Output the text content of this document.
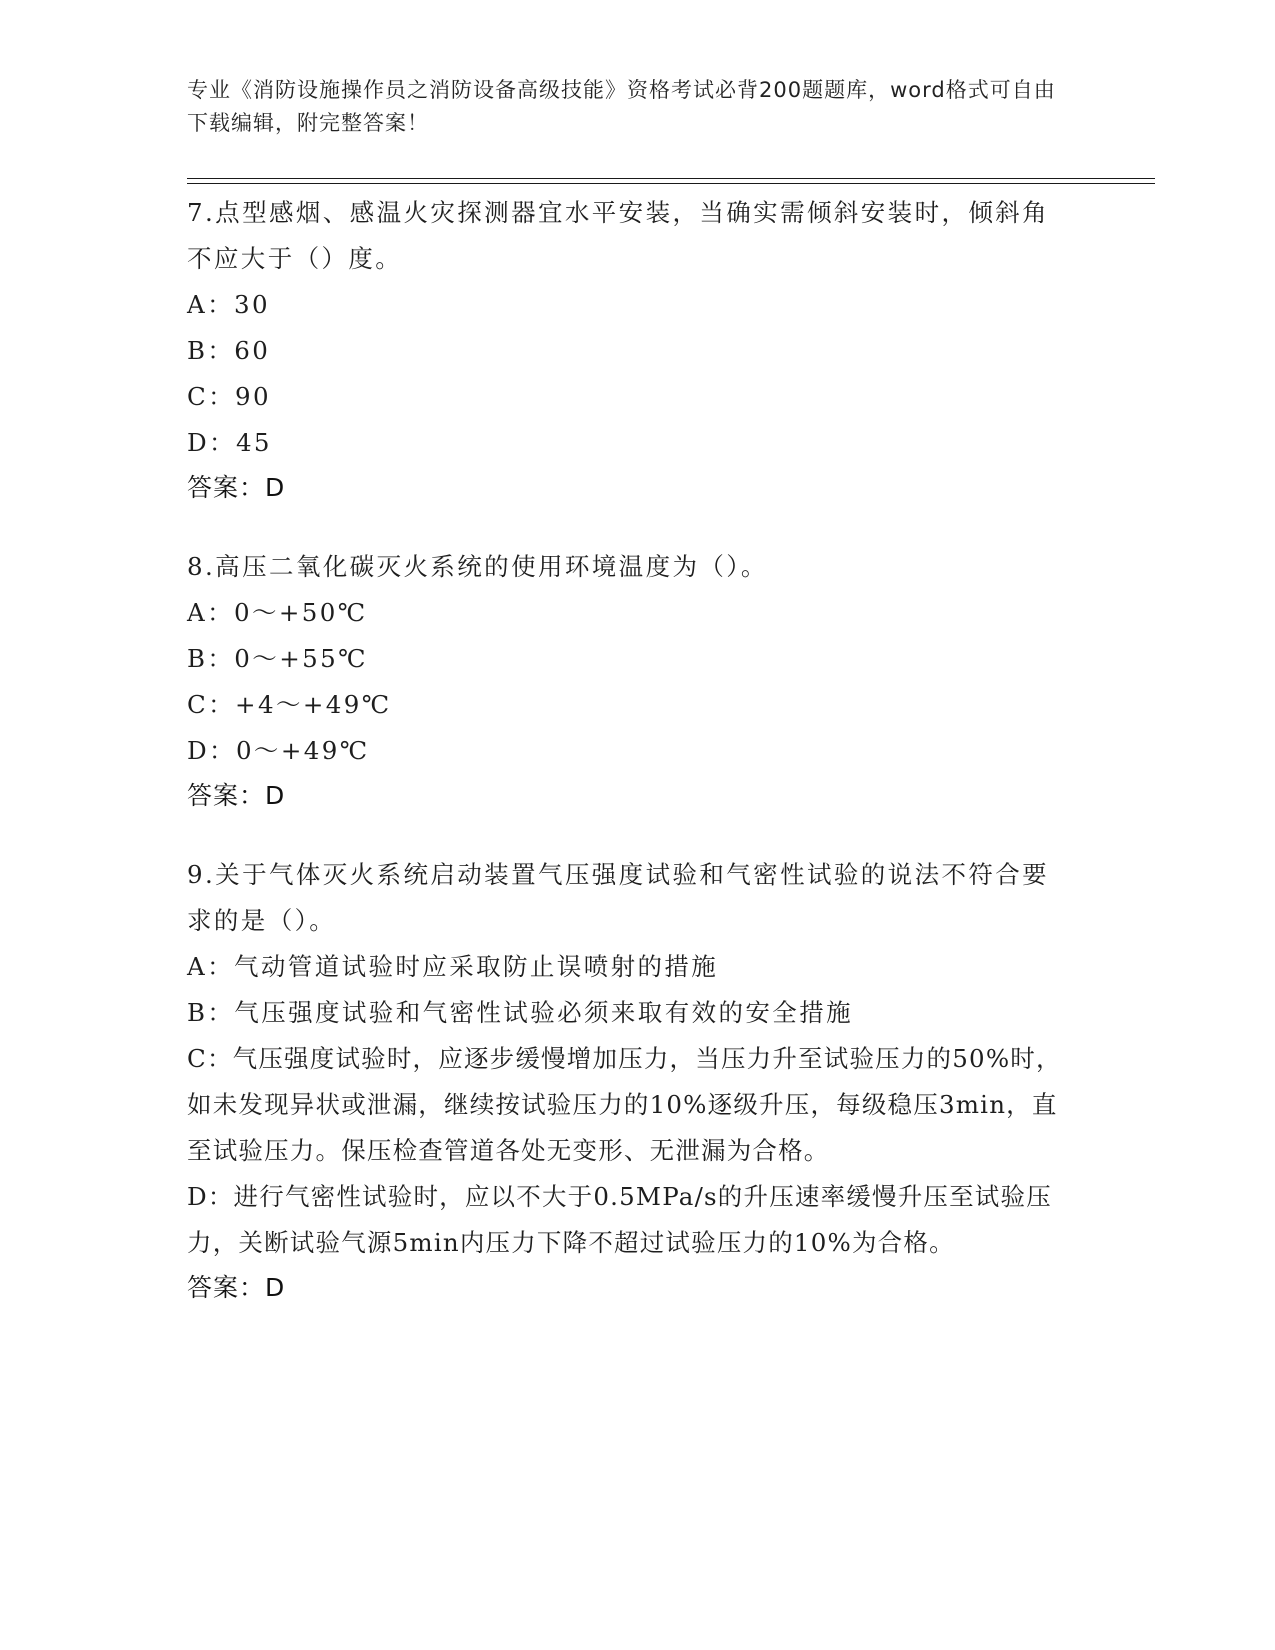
专业《消防设施操作员之消防设备高级技能》资格考试必背200题题库，word格式可自由下载编辑，附完整答案！
7.点型感烟、感温火灾探测器宜水平安装，当确实需倾斜安装时，倾斜角不应大于（）度。
A：30
B：60
C：90
D：45
答案：D
8.高压二氧化碳灭火系统的使用环境温度为（）。
A：0～+50℃
B：0～+55℃
C：+4～+49℃
D：0～+49℃
答案：D
9.关于气体灭火系统启动装置气压强度试验和气密性试验的说法不符合要求的是（）。
A：气动管道试验时应采取防止误喷射的措施
B：气压强度试验和气密性试验必须来取有效的安全措施
C：气压强度试验时，应逐步缓慢增加压力，当压力升至试验压力的50%时，如未发现异状或泄漏，继续按试验压力的10%逐级升压，每级稳压3min，直至试验压力。保压检查管道各处无变形、无泄漏为合格。
D：进行气密性试验时，应以不大于0.5MPa/s的升压速率缓慢升压至试验压力，关断试验气源5min内压力下降不超过试验压力的10%为合格。
答案：D
